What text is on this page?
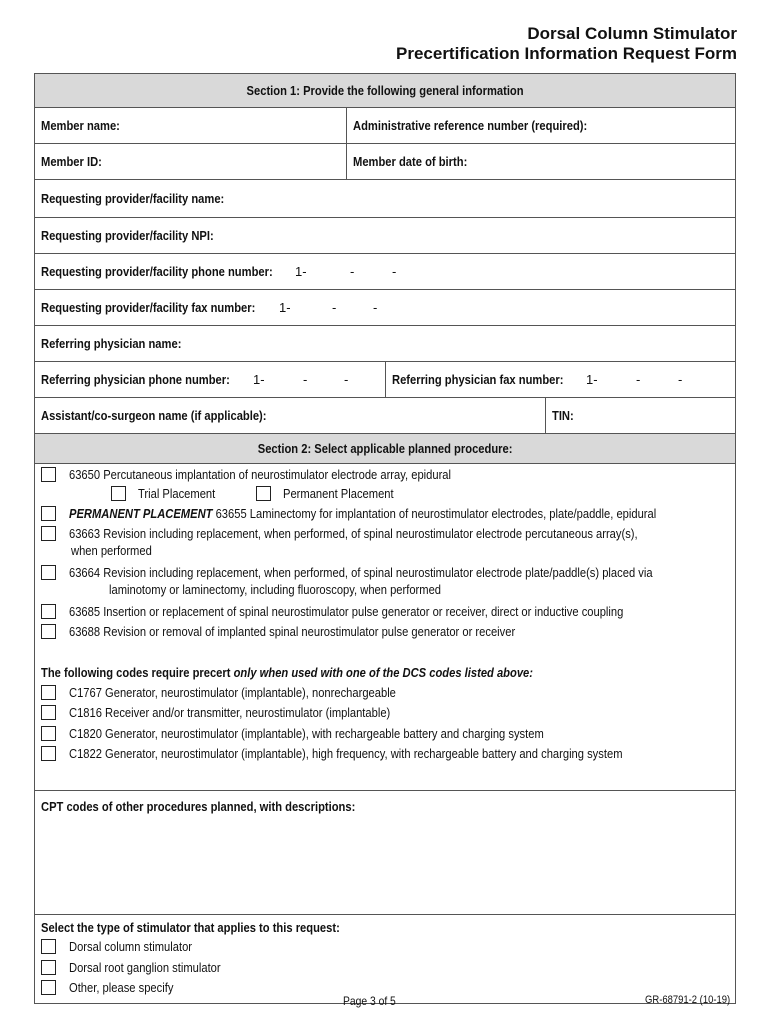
Dorsal Column Stimulator
Precertification Information Request Form
Section 1: Provide the following general information
Member name:	Administrative reference number (required):
Member ID:	Member date of birth:
Requesting provider/facility name:
Requesting provider/facility NPI:
Requesting provider/facility phone number: 1-	-	-
Requesting provider/facility fax number: 1-	-	-
Referring physician name:
Referring physician phone number: 1-	-	-	Referring physician fax number: 1-	-	-
Assistant/co-surgeon name (if applicable):	TIN:
Section 2: Select applicable planned procedure:
63650 Percutaneous implantation of neurostimulator electrode array, epidural
Trial Placement	Permanent Placement
PERMANENT PLACEMENT 63655 Laminectomy for implantation of neurostimulator electrodes, plate/paddle, epidural
63663 Revision including replacement, when performed, of spinal neurostimulator electrode percutaneous array(s),
when performed
63664 Revision including replacement, when performed, of spinal neurostimulator electrode plate/paddle(s) placed via
laminotomy or laminectomy, including fluoroscopy, when performed
63685 Insertion or replacement of spinal neurostimulator pulse generator or receiver, direct or inductive coupling
63688 Revision or removal of implanted spinal neurostimulator pulse generator or receiver
The following codes require precert only when used with one of the DCS codes listed above:
C1767 Generator, neurostimulator (implantable), nonrechargeable
C1816 Receiver and/or transmitter, neurostimulator (implantable)
C1820 Generator, neurostimulator (implantable), with rechargeable battery and charging system
C1822 Generator, neurostimulator (implantable), high frequency, with rechargeable battery and charging system
CPT codes of other procedures planned, with descriptions:
Select the type of stimulator that applies to this request:
Dorsal column stimulator
Dorsal root ganglion stimulator
Other, please specify
Page 3 of 5	GR-68791-2 (10-19)
